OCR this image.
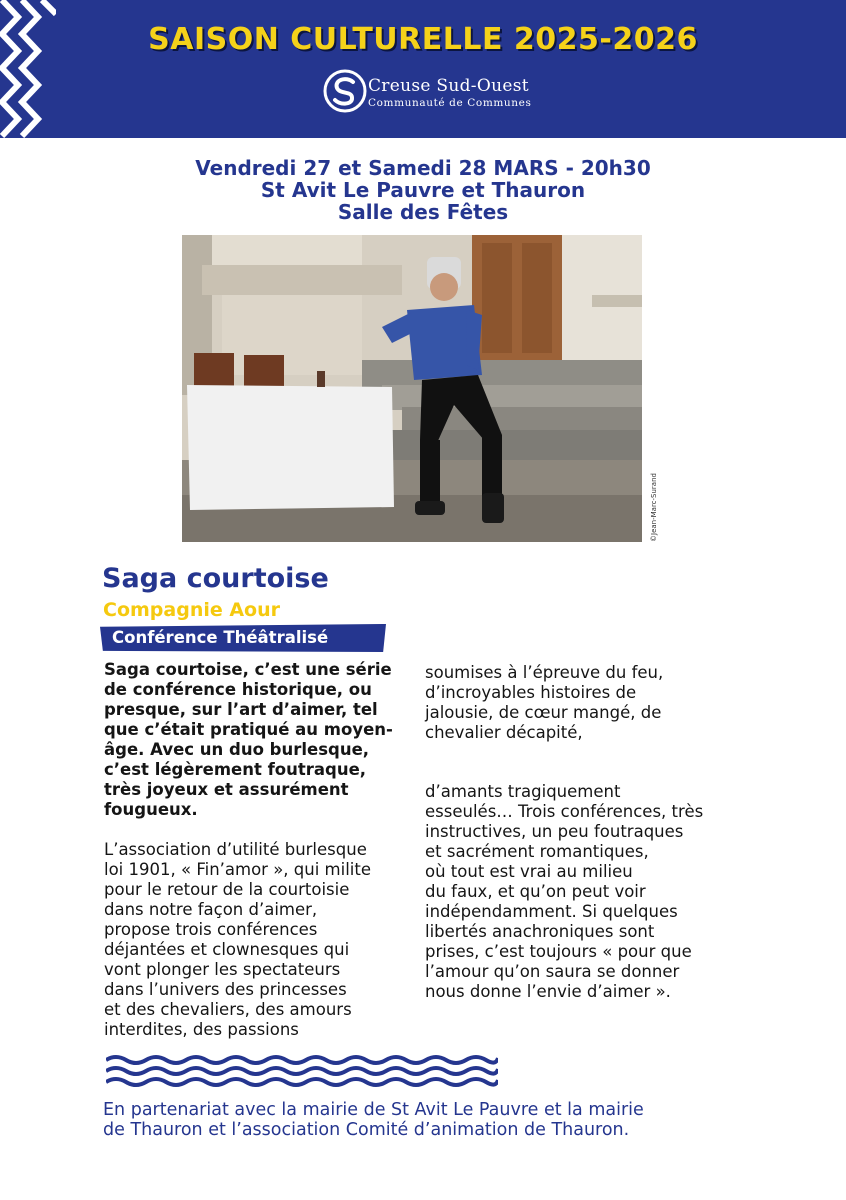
SAISON CULTURELLE 2025-2026
Creuse Sud-Ouest
Communauté de Communes
Vendredi 27 et Samedi 28 MARS - 20h30
St Avit Le Pauvre et Thauron
Salle des Fêtes
©Jean-Marc-Surand
Saga courtoise
Compagnie Aour
Conférence Théâtralisé
Saga courtoise, c’est une série
de conférence historique, ou
presque, sur l’art d’aimer, tel
que c’était pratiqué au moyen-
âge. Avec un duo burlesque,
c’est légèrement foutraque,
très joyeux et assurément
fougueux.
L’association d’utilité burlesque
loi 1901, « Fin’amor », qui milite
pour le retour de la courtoisie
dans notre façon d’aimer,
propose trois conférences
déjantées et clownesques qui
vont plonger les spectateurs
dans l’univers des princesses
et des chevaliers, des amours
interdites, des passions
soumises à l’épreuve du feu,
d’incroyables histoires de
jalousie, de cœur mangé, de
chevalier décapité,
d’amants tragiquement
esseulés… Trois conférences, très
instructives, un peu foutraques
et sacrément romantiques,
où tout est vrai au milieu
du faux, et qu’on peut voir
indépendamment. Si quelques
libertés anachroniques sont
prises, c’est toujours « pour que
l’amour qu’on saura se donner
nous donne l’envie d’aimer ».
En partenariat avec la mairie de St Avit Le Pauvre et la mairie
de Thauron et l’association Comité d’animation de Thauron.
